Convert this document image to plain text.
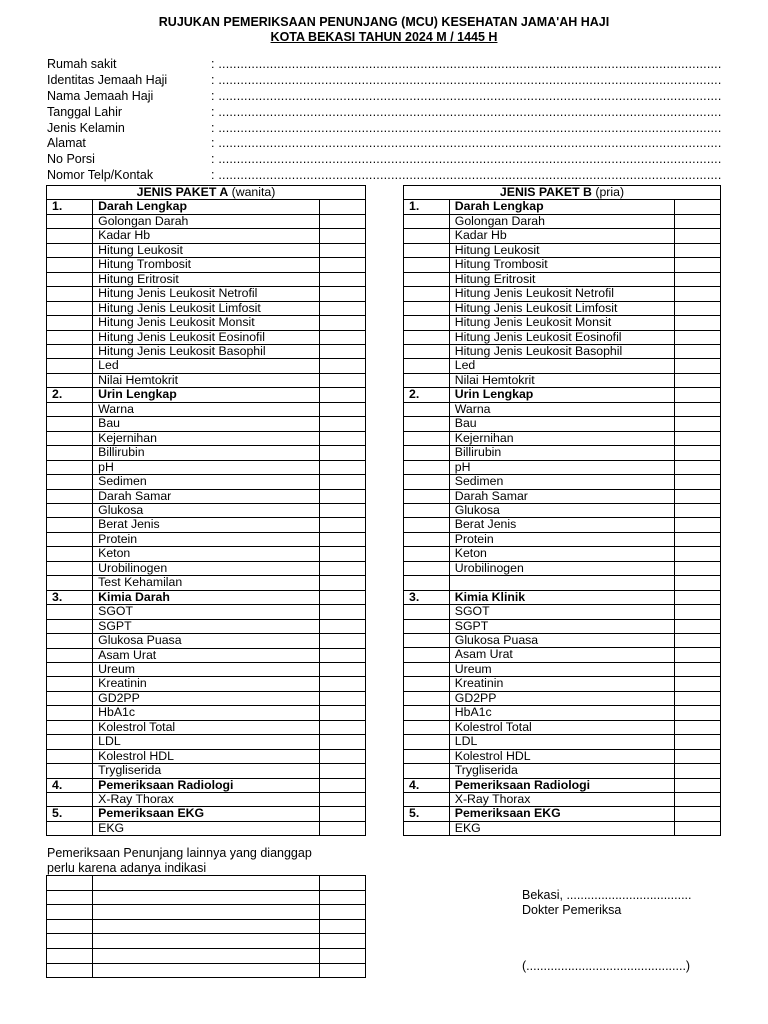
RUJUKAN PEMERIKSAAN PENUNJANG (MCU) KESEHATAN JAMA'AH HAJI
KOTA BEKASI TAHUN 2024 M / 1445 H
Rumah sakit
: ........................................................................................................................................................................................................
Identitas Jemaah Haji
: ........................................................................................................................................................................................................
Nama Jemaah Haji
: ........................................................................................................................................................................................................
Tanggal Lahir
: ........................................................................................................................................................................................................
Jenis Kelamin
: ........................................................................................................................................................................................................
Alamat
: ........................................................................................................................................................................................................
No Porsi
: ........................................................................................................................................................................................................
Nomor Telp/Kontak
: ........................................................................................................................................................................................................
JENIS PAKET A (wanita)		
1.	Darah Lengkap	
	Golongan Darah	
	Kadar Hb	
	Hitung Leukosit	
	Hitung Trombosit	
	Hitung Eritrosit	
	Hitung Jenis Leukosit Netrofil	
	Hitung Jenis Leukosit Limfosit	
	Hitung Jenis Leukosit Monsit	
	Hitung Jenis Leukosit Eosinofil	
	Hitung Jenis Leukosit Basophil	
	Led	
	Nilai Hemtokrit	
2.	Urin Lengkap	
	Warna	
	Bau	
	Kejernihan	
	Billirubin	
	pH	
	Sedimen	
	Darah Samar	
	Glukosa	
	Berat Jenis	
	Protein	
	Keton	
	Urobilinogen	
	Test Kehamilan	
3.	Kimia Darah	
	SGOT	
	SGPT	
	Glukosa Puasa	
	Asam Urat	
	Ureum	
	Kreatinin	
	GD2PP	
	HbA1c	
	Kolestrol Total	
	LDL	
	Kolestrol HDL	
	Trygliserida	
4.	Pemeriksaan Radiologi	
	X-Ray Thorax	
5.	Pemeriksaan EKG	
	EKG	
JENIS PAKET B (pria)		
1.	Darah Lengkap	
	Golongan Darah	
	Kadar Hb	
	Hitung Leukosit	
	Hitung Trombosit	
	Hitung Eritrosit	
	Hitung Jenis Leukosit Netrofil	
	Hitung Jenis Leukosit Limfosit	
	Hitung Jenis Leukosit Monsit	
	Hitung Jenis Leukosit Eosinofil	
	Hitung Jenis Leukosit Basophil	
	Led	
	Nilai Hemtokrit	
2.	Urin Lengkap	
	Warna	
	Bau	
	Kejernihan	
	Billirubin	
	pH	
	Sedimen	
	Darah Samar	
	Glukosa	
	Berat Jenis	
	Protein	
	Keton	
	Urobilinogen	

3.	Kimia Klinik	
	SGOT	
	SGPT	
	Glukosa Puasa	
	Asam Urat	
	Ureum	
	Kreatinin	
	GD2PP	
	HbA1c	
	Kolestrol Total	
	LDL	
	Kolestrol HDL	
	Trygliserida	
4.	Pemeriksaan Radiologi	
	X-Ray Thorax	
5.	Pemeriksaan EKG	
	EKG	
Pemeriksaan Penunjang lainnya yang dianggap
perlu karena adanya indikasi

Bekasi, ....................................
Dokter Pemeriksa
(..............................................)
